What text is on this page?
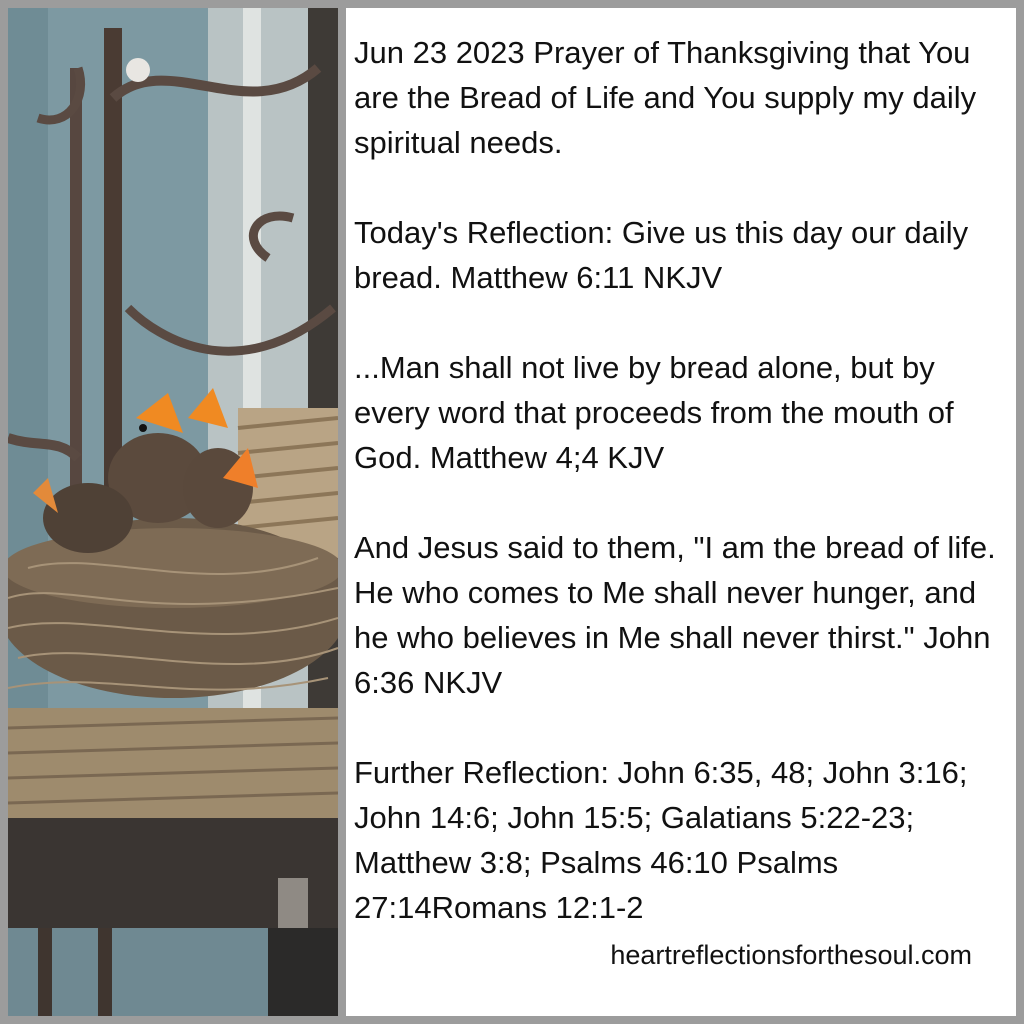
Jun 23 2023 Prayer of Thanksgiving that You are the Bread of Life and You supply my daily spiritual needs.

Today's Reflection: Give us this day our daily bread. Matthew 6:11 NKJV

...Man shall not live by bread alone, but by every word that proceeds from the mouth of God. Matthew 4;4 KJV

And Jesus said to them, "I am the bread of life. He who comes to Me shall never hunger, and he who believes in Me shall never thirst." John 6:36 NKJV

Further Reflection: John 6:35, 48; John 3:16; John 14:6; John 15:5; Galatians 5:22-23; Matthew 3:8; Psalms 46:10 Psalms 27:14Romans 12:1-2

heartreflectionsforthesoul.com
